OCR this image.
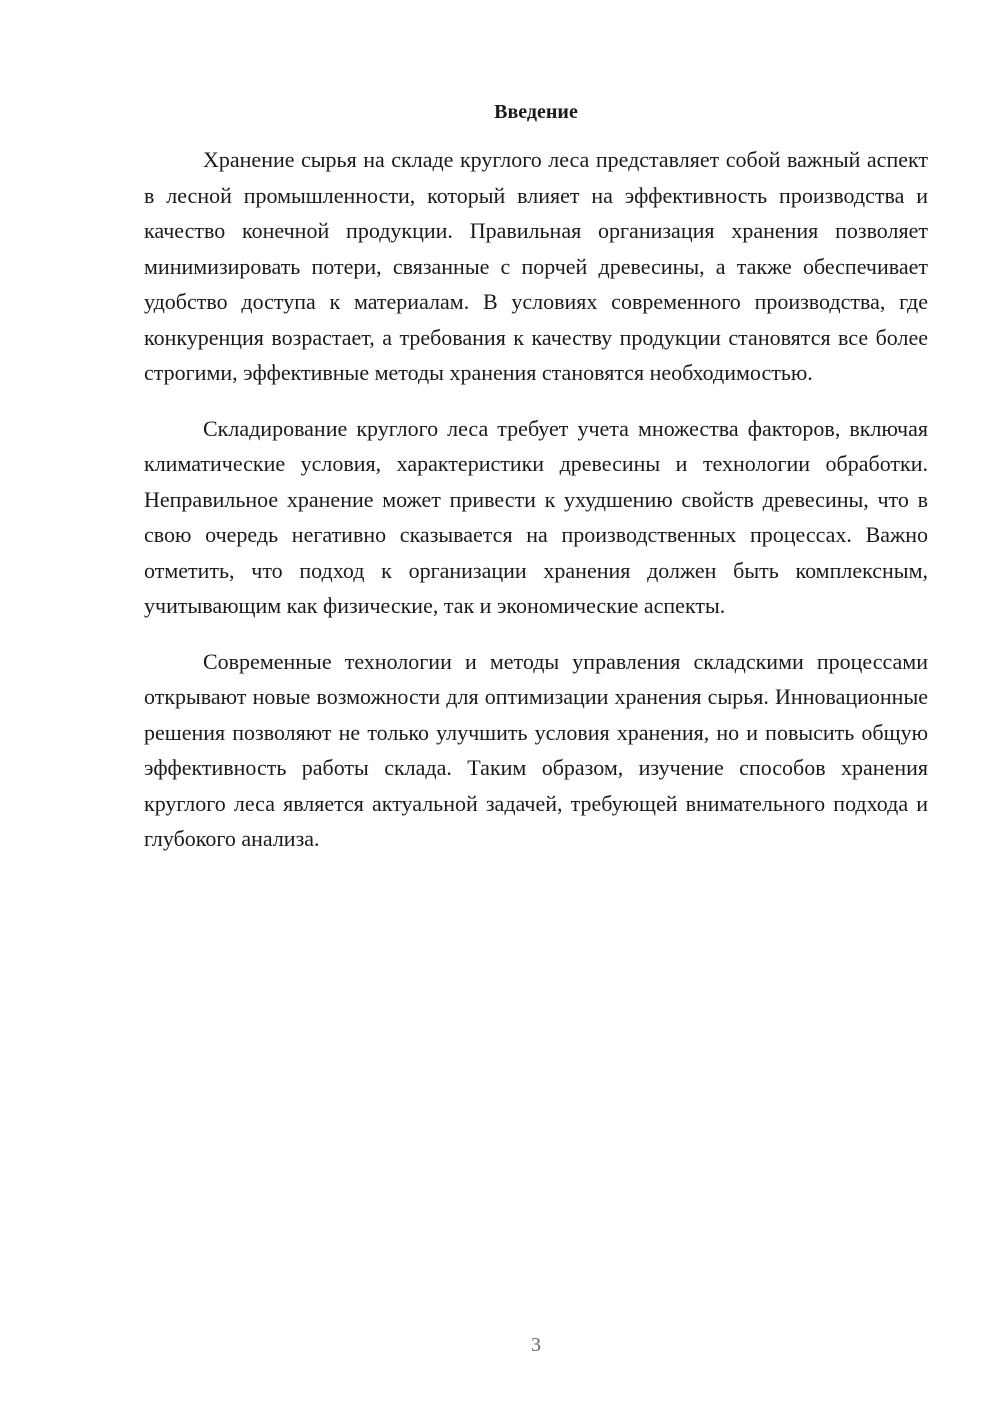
Введение

Хранение сырья на складе круглого леса представляет собой важный аспект в лесной промышленности, который влияет на эффективность производства и качество конечной продукции. Правильная организация хранения позволяет минимизировать потери, связанные с порчей древесины, а также обеспечивает удобство доступа к материалам. В условиях современного производства, где конкуренция возрастает, а требования к качеству продукции становятся все более строгими, эффективные методы хранения становятся необходимостью.

Складирование круглого леса требует учета множества факторов, включая климатические условия, характеристики древесины и технологии обработки. Неправильное хранение может привести к ухудшению свойств древесины, что в свою очередь негативно сказывается на производственных процессах. Важно отметить, что подход к организации хранения должен быть комплексным, учитывающим как физические, так и экономические аспекты.

Современные технологии и методы управления складскими процессами открывают новые возможности для оптимизации хранения сырья. Инновационные решения позволяют не только улучшить условия хранения, но и повысить общую эффективность работы склада. Таким образом, изучение способов хранения круглого леса является актуальной задачей, требующей внимательного подхода и глубокого анализа.

3
